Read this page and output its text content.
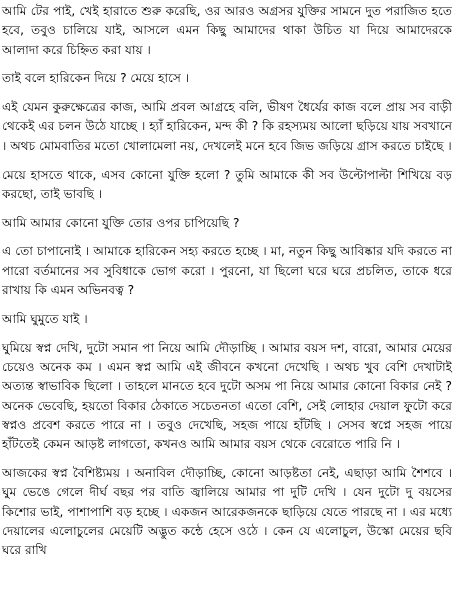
আমি টের পাই, খেই হারাতে শুরু করেছি, ওর আরও অগ্রসর যুক্তির সামনে দুত পরাজিত হতে হবে, তবুও চালিয়ে যাই, আসলে এমন কিছু আমাদের থাকা উচিত যা দিয়ে আমাদেরকে আলাদা করে চিহ্নিত করা যায় ।

তাই বলে হারিকেন দিয়ে ? মেয়ে হাসে ।

এই যেমন কুরুক্ষেত্রের কাজ, আমি প্রবল আগ্রহে বলি, ভীষণ ধৈর্যের কাজ বলে প্রায় সব বাড়ী থেকেই এর চলন উঠে যাচ্ছে । হ্যাঁ হারিকেন, মন্দ কী ? কি রহস্যময় আলো ছড়িয়ে যায় সবখানে । অথচ মোমবাতির মতো খোলামেলা নয়, দেখলেই মনে হবে জিভ জড়িয়ে গ্রাস করতে চাইছে ।

মেয়ে হাসতে থাকে, এসব কোনো যুক্তি হলো ? তুমি আমাকে কী সব উল্টোপাল্টা শিখিয়ে বড় করছো, তাই ভাবছি ।

আমি আমার কোনো যুক্তি তোর ওপর চাপিয়েছি ?

এ তো চাপানোই । আমাকে হারিকেন সহ্য করতে হচ্ছে । মা, নতুন কিছু আবিষ্কার যদি করতে না পারো বর্তমানের সব সুবিধাকে ভোগ করো । পুরনো, যা ছিলো ঘরে ঘরে প্রচলিত, তাকে ধরে রাখায় কি এমন অভিনবত্ব ?

আমি ঘুমুতে যাই ।

ঘুমিয়ে স্বপ্ন দেখি, দুটো সমান পা নিয়ে আমি দৌড়াচ্ছি । আমার বয়স দশ, বারো, আমার মেয়ের চেয়েও অনেক কম । এমন স্বপ্ন আমি এই জীবনে কখনো দেখেছি । অথচ খুব বেশি দেখাটাই অত্যন্ত স্বাভাবিক ছিলো । তাহলে মানতে হবে দুটো অসম পা নিয়ে আমার কোনো বিকার নেই ? অনেক ভেবেছি, হয়তো বিকার ঠেকাতে সচেতনতা এতো বেশি, সেই লোহার দেয়াল ফুটো করে স্বপ্নও প্রবেশ করতে পারে না । তবুও দেখেছি, সহজ পায়ে হাঁটছি । সেসব স্বপ্নে সহজ পায়ে হাঁটতেই কেমন আড়ষ্ট লাগতো, কখনও আমি আমার বয়স থেকে বেরোতে পারি নি ।

আজকের স্বপ্ন বৈশিষ্ট্যময় । অনাবিল দৌড়াচ্ছি, কোনো আড়ষ্টতা নেই, এছাড়া আমি শৈশবে । ঘুম ভেঙে গেলে দীর্ঘ বছর পর বাতি জ্বালিয়ে আমার পা দুটি দেখি । যেন দুটো দু বয়সের কিশোর ভাই, পাশাপাশি বড় হচ্ছে । একজন আরেকজনকে ছাড়িয়ে যেতে পারছে না । এর মধ্যে দেয়ালের এলোচুলের মেয়েটি অদ্ভুত কন্ঠে হেসে ওঠে । কেন যে এলোচুল, উস্কো মেয়ের ছবি ঘরে রাখি
